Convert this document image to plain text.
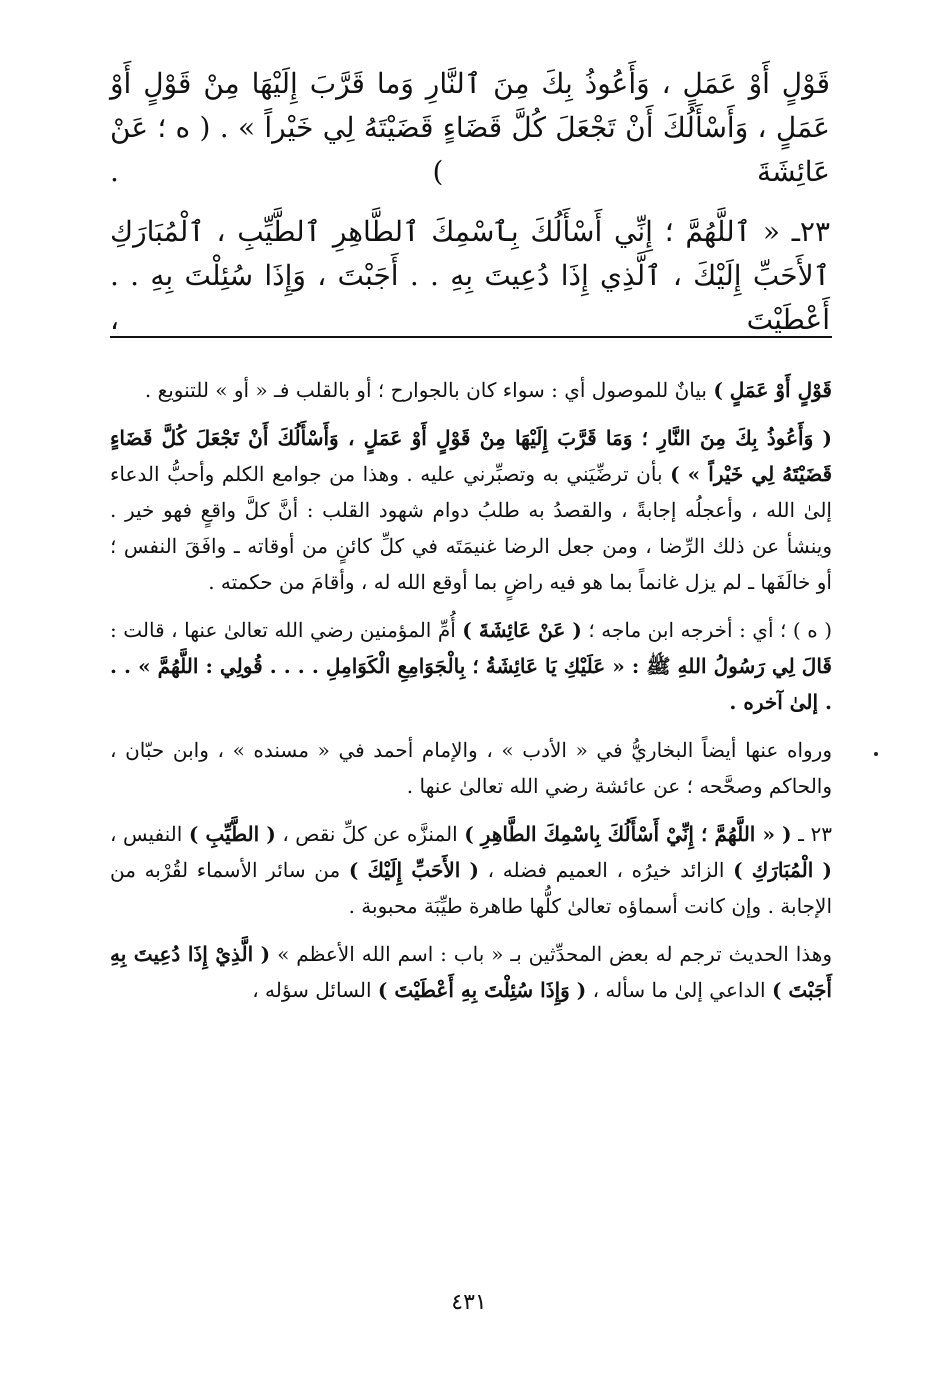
قَوْلٍ أَوْ عَمَلٍ ، وَأَعُوذُ بِكَ مِنَ ٱلنَّارِ وَما قَرَّبَ إِلَيْهَا مِنْ قَوْلٍ أَوْ عَمَلٍ ، وَأَسْأَلُكَ أَنْ تَجْعَلَ كُلَّ قَضَاءٍ قَضَيْتَهُ لِي خَيْراً » . ( ه ؛ عَنْ عَائِشَةَ ) .

٢٣ـ « ٱللَّهُمَّ ؛ إِنِّي أَسْأَلُكَ بِٱسْمِكَ ٱلطَّاهِرِ ٱلطَّيِّبِ ، ٱلْمُبَارَكِ ٱلأَحَبِّ إِلَيْكَ ، ٱلَّذِي إِذَا دُعِيتَ بِهِ . . أَجَبْتَ ، وَإِذَا سُئِلْتَ بِهِ . . أَعْطَيْتَ ،

قَوْلٍ أَوْ عَمَلٍ ) بيانٌ للموصول أي : سواء كان بالجوارح ؛ أو بالقلب فـ « أو » للتنويع .

( وَأَعُوذُ بِكَ مِنَ النَّارِ ؛ وَمَا قَرَّبَ إِلَيْهَا مِنْ قَوْلٍ أَوْ عَمَلٍ ، وَأَسْأَلُكَ أَنْ تَجْعَلَ كُلَّ قَضَاءٍ قَضَيْتَهُ لِي خَيْراً » ) بأن ترضِّيَني به وتصبِّرني عليه . وهذا من جوامع الكلم وأحبُّ الدعاء إلىٰ الله ، وأعجلُه إجابةً ، والقصدُ به طلبُ دوام شهود القلب : أنَّ كلَّ واقعٍ فهو خير . وينشأ عن ذلك الرِّضا ، ومن جعل الرضا غنيمَتَه في كلِّ كائنٍ من أوقاته ـ وافَقَ النفس ؛ أو خالَفَها ـ لم يزل غانماً بما هو فيه راضٍ بما أوقع الله له ، وأقامَ من حكمته .

( ه ) ؛ أي : أخرجه ابن ماجه ؛ ( عَنْ عَائِشَةَ ) أُمِّ المؤمنين رضي الله تعالىٰ عنها ، قالت : قَالَ لِي رَسُولُ اللهِ ﷺ : « عَلَيْكِ يَا عَائِشَةُ ؛ بِالْجَوَامِعِ الْكَوَامِلِ . . . . قُولِي : اللَّهُمَّ » . . . إلىٰ آخره .

ورواه عنها أيضاً البخاريُّ في « الأدب » ، والإمام أحمد في « مسنده » ، وابن حبّان ، والحاكم وصحَّحه ؛ عن عائشة رضي الله تعالىٰ عنها .

٢٣ ـ ( « اللَّهُمَّ ؛ إِنِّيْ أَسْأَلُكَ بِاسْمِكَ الطَّاهِرِ ) المنزَّه عن كلِّ نقص ، ( الطَّيِّبِ ) النفيس ، ( الْمُبَارَكِ ) الزائد خيرُه ، العميم فضله ، ( الأَحَبِّ إِلَيْكَ ) من سائر الأسماء لقُرْبه من الإجابة . وإن كانت أسماؤه تعالىٰ كلُّها طاهرة طيِّبَة محبوبة .

وهذا الحديث ترجم له بعض المحدِّثين بـ « باب : اسم الله الأعظم » ( الَّذِيْ إِذَا دُعِيتَ بِهِ أَجَبْتَ ) الداعي إلىٰ ما سأله ، ( وَإِذَا سُئِلْتَ بِهِ أَعْطَيْتَ ) السائل سؤله ،

٤٣١
